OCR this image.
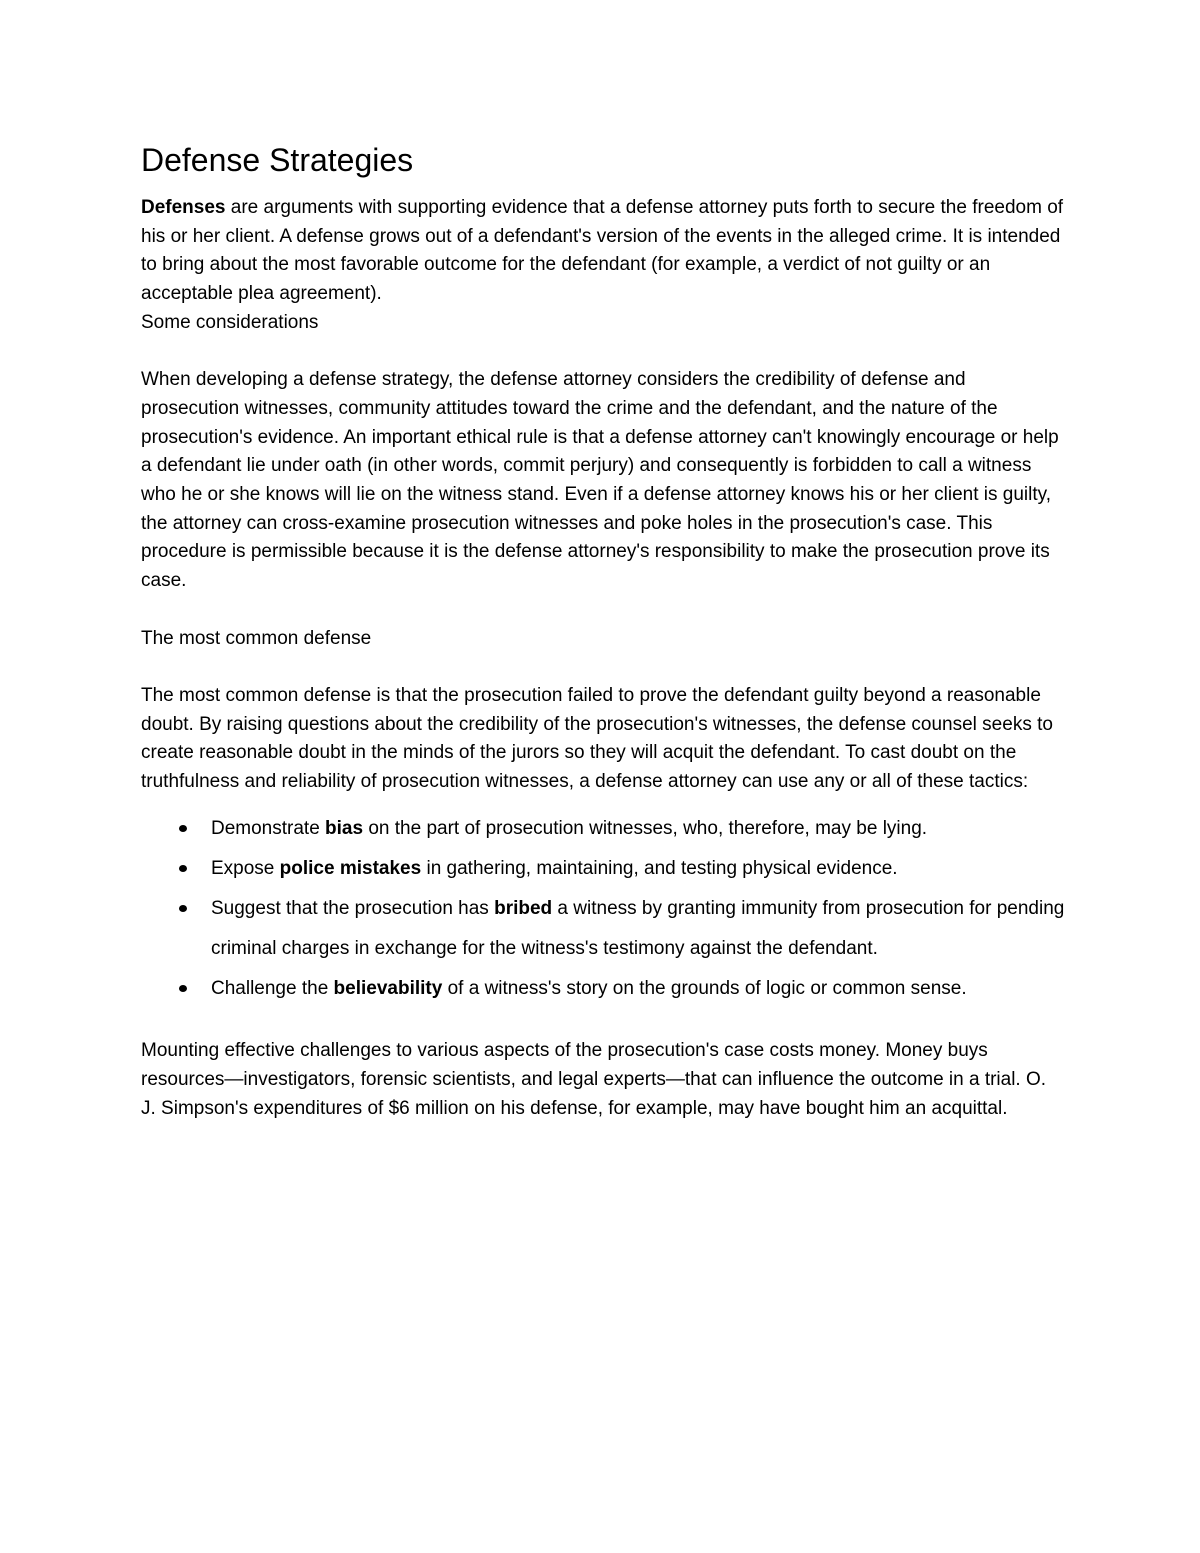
Defense Strategies

Defenses are arguments with supporting evidence that a defense attorney puts forth to secure the freedom of his or her client. A defense grows out of a defendant's version of the events in the alleged crime. It is intended to bring about the most favorable outcome for the defendant (for example, a verdict of not guilty or an acceptable plea agreement).

Some considerations

When developing a defense strategy, the defense attorney considers the credibility of defense and prosecution witnesses, community attitudes toward the crime and the defendant, and the nature of the prosecution's evidence. An important ethical rule is that a defense attorney can't knowingly encourage or help a defendant lie under oath (in other words, commit perjury) and consequently is forbidden to call a witness who he or she knows will lie on the witness stand. Even if a defense attorney knows his or her client is guilty, the attorney can cross-examine prosecution witnesses and poke holes in the prosecution's case. This procedure is permissible because it is the defense attorney's responsibility to make the prosecution prove its case.

The most common defense

The most common defense is that the prosecution failed to prove the defendant guilty beyond a reasonable doubt. By raising questions about the credibility of the prosecution's witnesses, the defense counsel seeks to create reasonable doubt in the minds of the jurors so they will acquit the defendant. To cast doubt on the truthfulness and reliability of prosecution witnesses, a defense attorney can use any or all of these tactics:

Demonstrate bias on the part of prosecution witnesses, who, therefore, may be lying.
Expose police mistakes in gathering, maintaining, and testing physical evidence.
Suggest that the prosecution has bribed a witness by granting immunity from prosecution for pending criminal charges in exchange for the witness's testimony against the defendant.
Challenge the believability of a witness's story on the grounds of logic or common sense.

Mounting effective challenges to various aspects of the prosecution's case costs money. Money buys resources—investigators, forensic scientists, and legal experts—that can influence the outcome in a trial. O. J. Simpson's expenditures of $6 million on his defense, for example, may have bought him an acquittal.
